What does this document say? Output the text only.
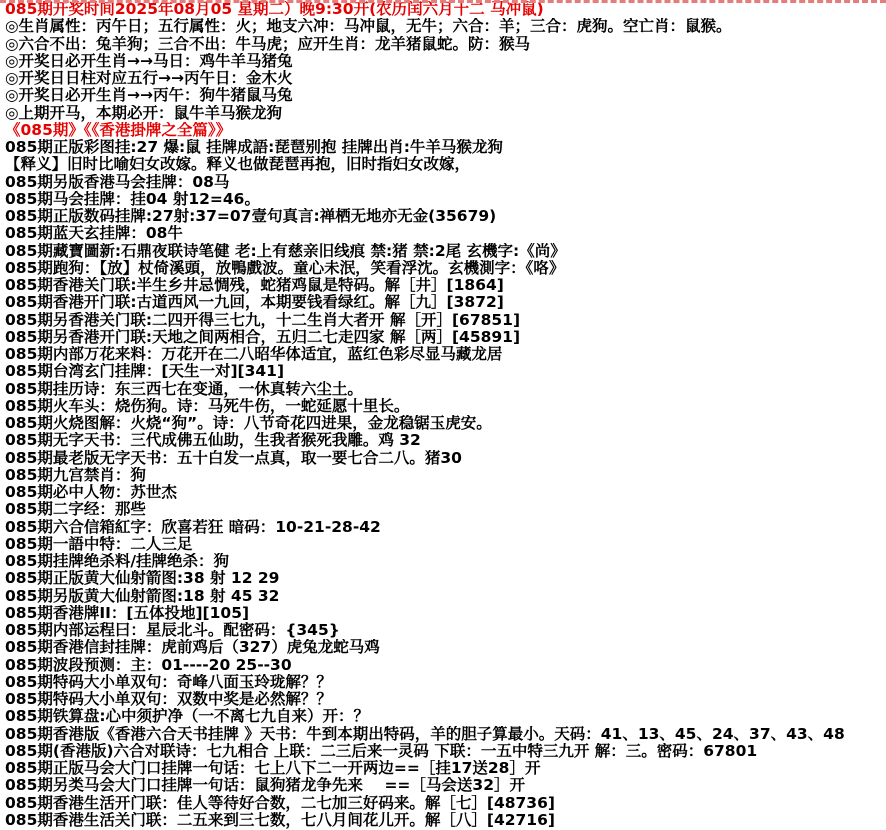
085期开奖时间2025年08月05 星期二）晚9:30开(农历闰六月十二 马冲鼠)
◎生肖属性：丙午日；五行属性：火；地支六冲：马冲鼠，无牛；六合：羊；三合：虎狗。空亡肖：鼠猴。
◎六合不出：兔羊狗；三合不出：牛马虎；应开生肖：龙羊猪鼠蛇。防：猴马
◎开奖日必开生肖→→马日：鸡牛羊马猪兔
◎开奖日日柱对应五行→→丙午日：金木火
◎开奖日必开生肖→→丙午：狗牛猪鼠马兔
◎上期开马，本期必开：鼠牛羊马猴龙狗
《085期》《《香港掛牌之全篇》》
085期正版彩图挂:27 爆:鼠 挂牌成語:琵琶别抱 挂牌出肖:牛羊马猴龙狗
【释义】旧时比喻妇女改嫁。释义也做琵琶再抱，旧时指妇女改嫁，
085期另版香港马会挂牌：08马
085期马会挂牌：挂04 射12=46。
085期正版数码挂牌:27射:37=07壹句真言:禅栖无地亦无金(35679)
085期蓝天玄挂牌：08牛
085期藏寶圖新:石鼎夜联诗笔健 老:上有慈亲旧线痕 禁:猪 禁:2尾 玄機字:《尚》
085期跑狗：【放】杖倚溪頭，放鴨戲波。童心未泯，笑看浮沈。玄機測字：《咯》
085期香港关门联:半生乡井忌惆残，蛇猪鸡鼠是特码。解［井］[1864]
085期香港开门联:古道西风一九回，本期要钱看绿红。解［九］[3872]
085期另香港关门联:二四开得三七九，十二生肖大者开 解［开］[67851]
085期另香港开门联:天地之间两相合，五归二七走四家 解［两］[45891]
085期内部万花来料：万花开在二八昭华体适宜，蓝红色彩尽显马藏龙居
085期台湾玄门挂牌：[天生一对][341]
085期挂历诗：东三西七在变通，一休真转六尘土。
085期火车头：烧伤狗。诗：马死牛伤，一蛇延愿十里长。
085期火烧图解：火烧“狗”。诗：八节奇花四进果，金龙稳锯玉虎安。
085期无字天书：三代成佛五仙助，生我者猴死我雕。鸡 32
085期最老版无字天书：五十白发一点真，取一要七合二八。猪30
085期九宫禁肖：狗
085期必中人物：苏世杰
085期二字经：那些
085期六合信箱紅字：欣喜若狂 暗码：10-21-28-42
085期一語中特：二人三足
085期挂牌绝杀料/挂牌绝杀：狗
085期正版黄大仙射箭图:38 射 12 29
085期另版黄大仙射箭图:18 射 45 32
085期香港牌II：[五体投地][105]
085期内部运程曰：星辰北斗。配密码：{345}
085期香港信封挂牌：虎前鸡后（327）虎兔龙蛇马鸡
085期波段预测：主：01----20 25--30
085期特码大小单双句：奇峰八面玉玲珑解？？
085期特码大小单双句：双数中奖是必然解？？
085期铁算盘:心中须护净（一不离七九自来）开：？
085期香港版《香港六合天书挂牌 》天书：牛到本期出特码，羊的胆子算最小。天码：41、13、45、24、37、43、48
085期(香港版)六合对联诗：七九相合 上联：二三后来一灵码 下联：一五中特三九开 解：三。密码：67801
085期正版马会大门口挂牌一句话：七上八下二一开两边==［挂17送28］开
085期另类马会大门口挂牌一句话：鼠狗猪龙争先来    ==［马会送32］开
085期香港生活开门联：佳人等待好合数，二七加三好码来。解［七］[48736]
085期香港生活关门联：二五来到三七数，七八月间花儿开。解［八］[42716]
